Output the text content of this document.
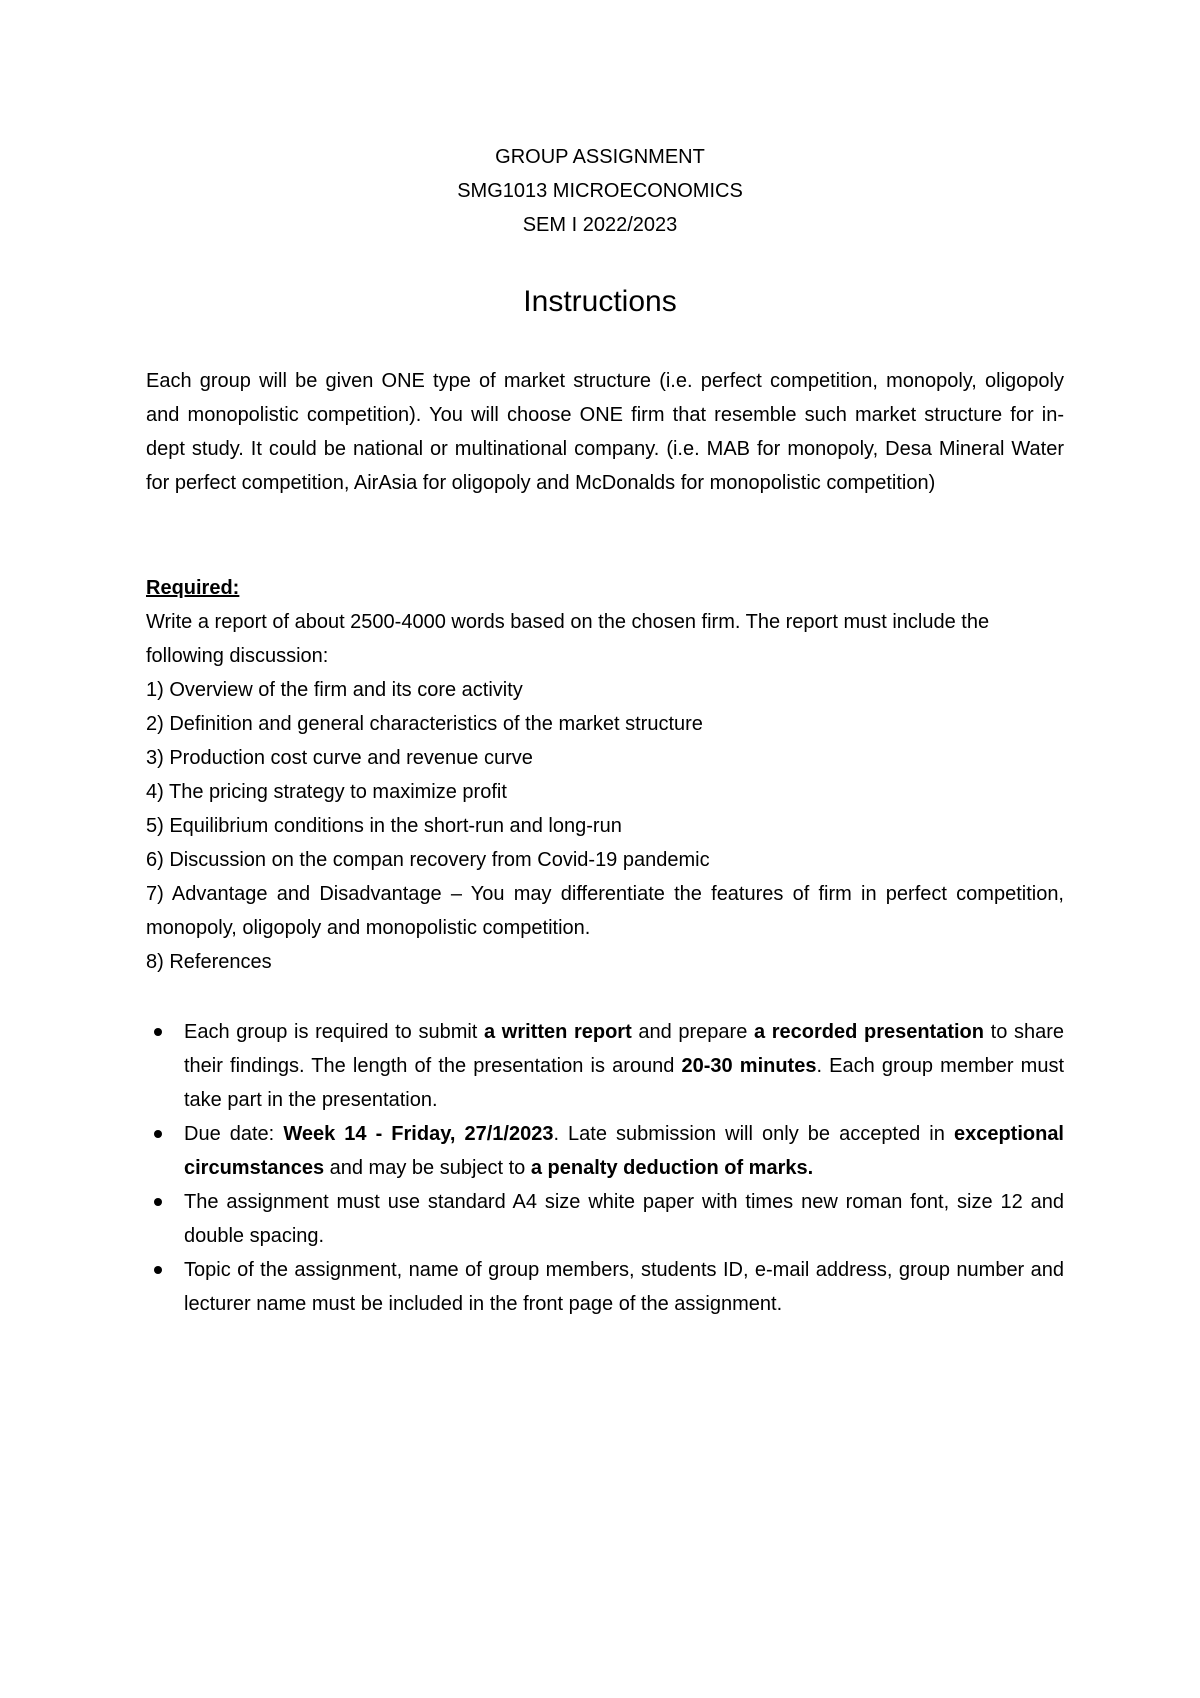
GROUP ASSIGNMENT
SMG1013 MICROECONOMICS
SEM I 2022/2023
Instructions

Each group will be given ONE type of market structure (i.e. perfect competition, monopoly, oligopoly and monopolistic competition). You will choose ONE firm that resemble such market structure for in-dept study. It could be national or multinational company. (i.e. MAB for monopoly, Desa Mineral Water for perfect competition, AirAsia for oligopoly and McDonalds for monopolistic competition)

Required:

Write a report of about 2500-4000 words based on the chosen firm. The report must include the following discussion:

1) Overview of the firm and its core activity
2) Definition and general characteristics of the market structure
3) Production cost curve and revenue curve
4) The pricing strategy to maximize profit
5) Equilibrium conditions in the short-run and long-run
6) Discussion on the compan recovery from Covid-19 pandemic
7) Advantage and Disadvantage – You may differentiate the features of firm in perfect competition, monopoly, oligopoly and monopolistic competition.
8) References
Each group is required to submit a written report and prepare a recorded presentation to share their findings. The length of the presentation is around 20-30 minutes. Each group member must take part in the presentation.
Due date: Week 14 - Friday, 27/1/2023. Late submission will only be accepted in exceptional circumstances and may be subject to a penalty deduction of marks.
The assignment must use standard A4 size white paper with times new roman font, size 12 and double spacing.
Topic of the assignment, name of group members, students ID, e-mail address, group number and lecturer name must be included in the front page of the assignment.
